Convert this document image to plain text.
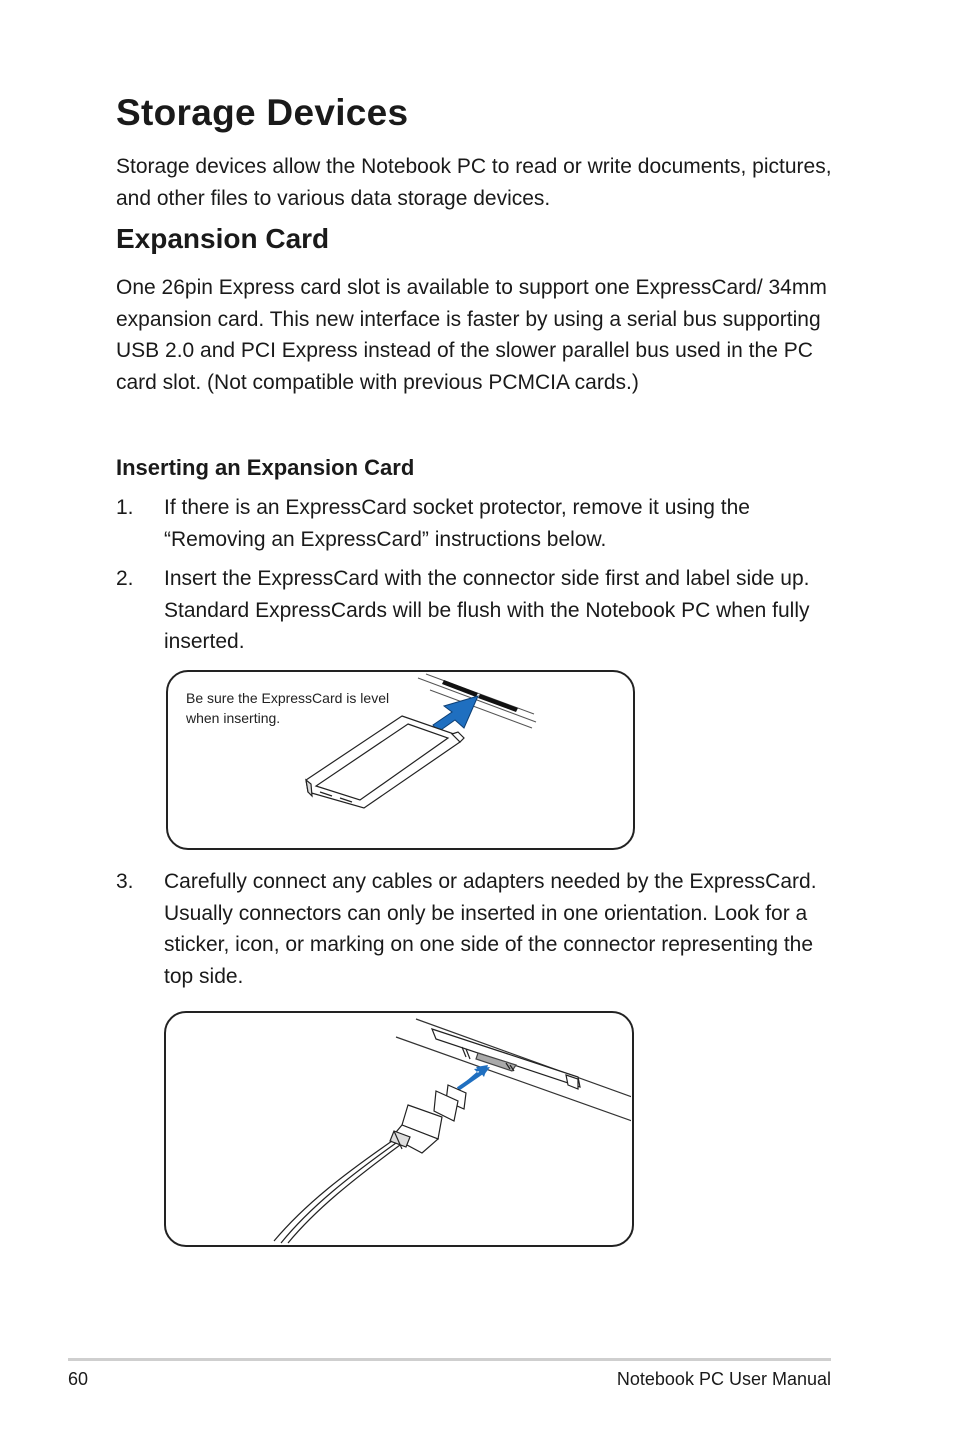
Storage Devices

Storage devices allow the Notebook PC to read or write documents, pictures, and other files to various data storage devices.

Expansion Card

One 26pin Express card slot is available to support one ExpressCard/ 34mm expansion card. This new interface is faster by using a serial bus supporting USB 2.0 and PCI Express instead of the slower parallel bus used in the PC card slot. (Not compatible with previous PCMCIA cards.)

Inserting an Expansion Card
1. If there is an ExpressCard socket protector, remove it using the “Removing an ExpressCard” instructions below.
2. Insert the ExpressCard with the connector side first and label side up. Standard ExpressCards will be flush with the Notebook PC when fully inserted.
Be sure the ExpressCard is level when inserting.
3. Carefully connect any cables or adapters needed by the ExpressCard. Usually connectors can only be inserted in one orientation. Look for a sticker, icon, or marking on one side of the connector representing the top side.
60	Notebook PC User Manual
